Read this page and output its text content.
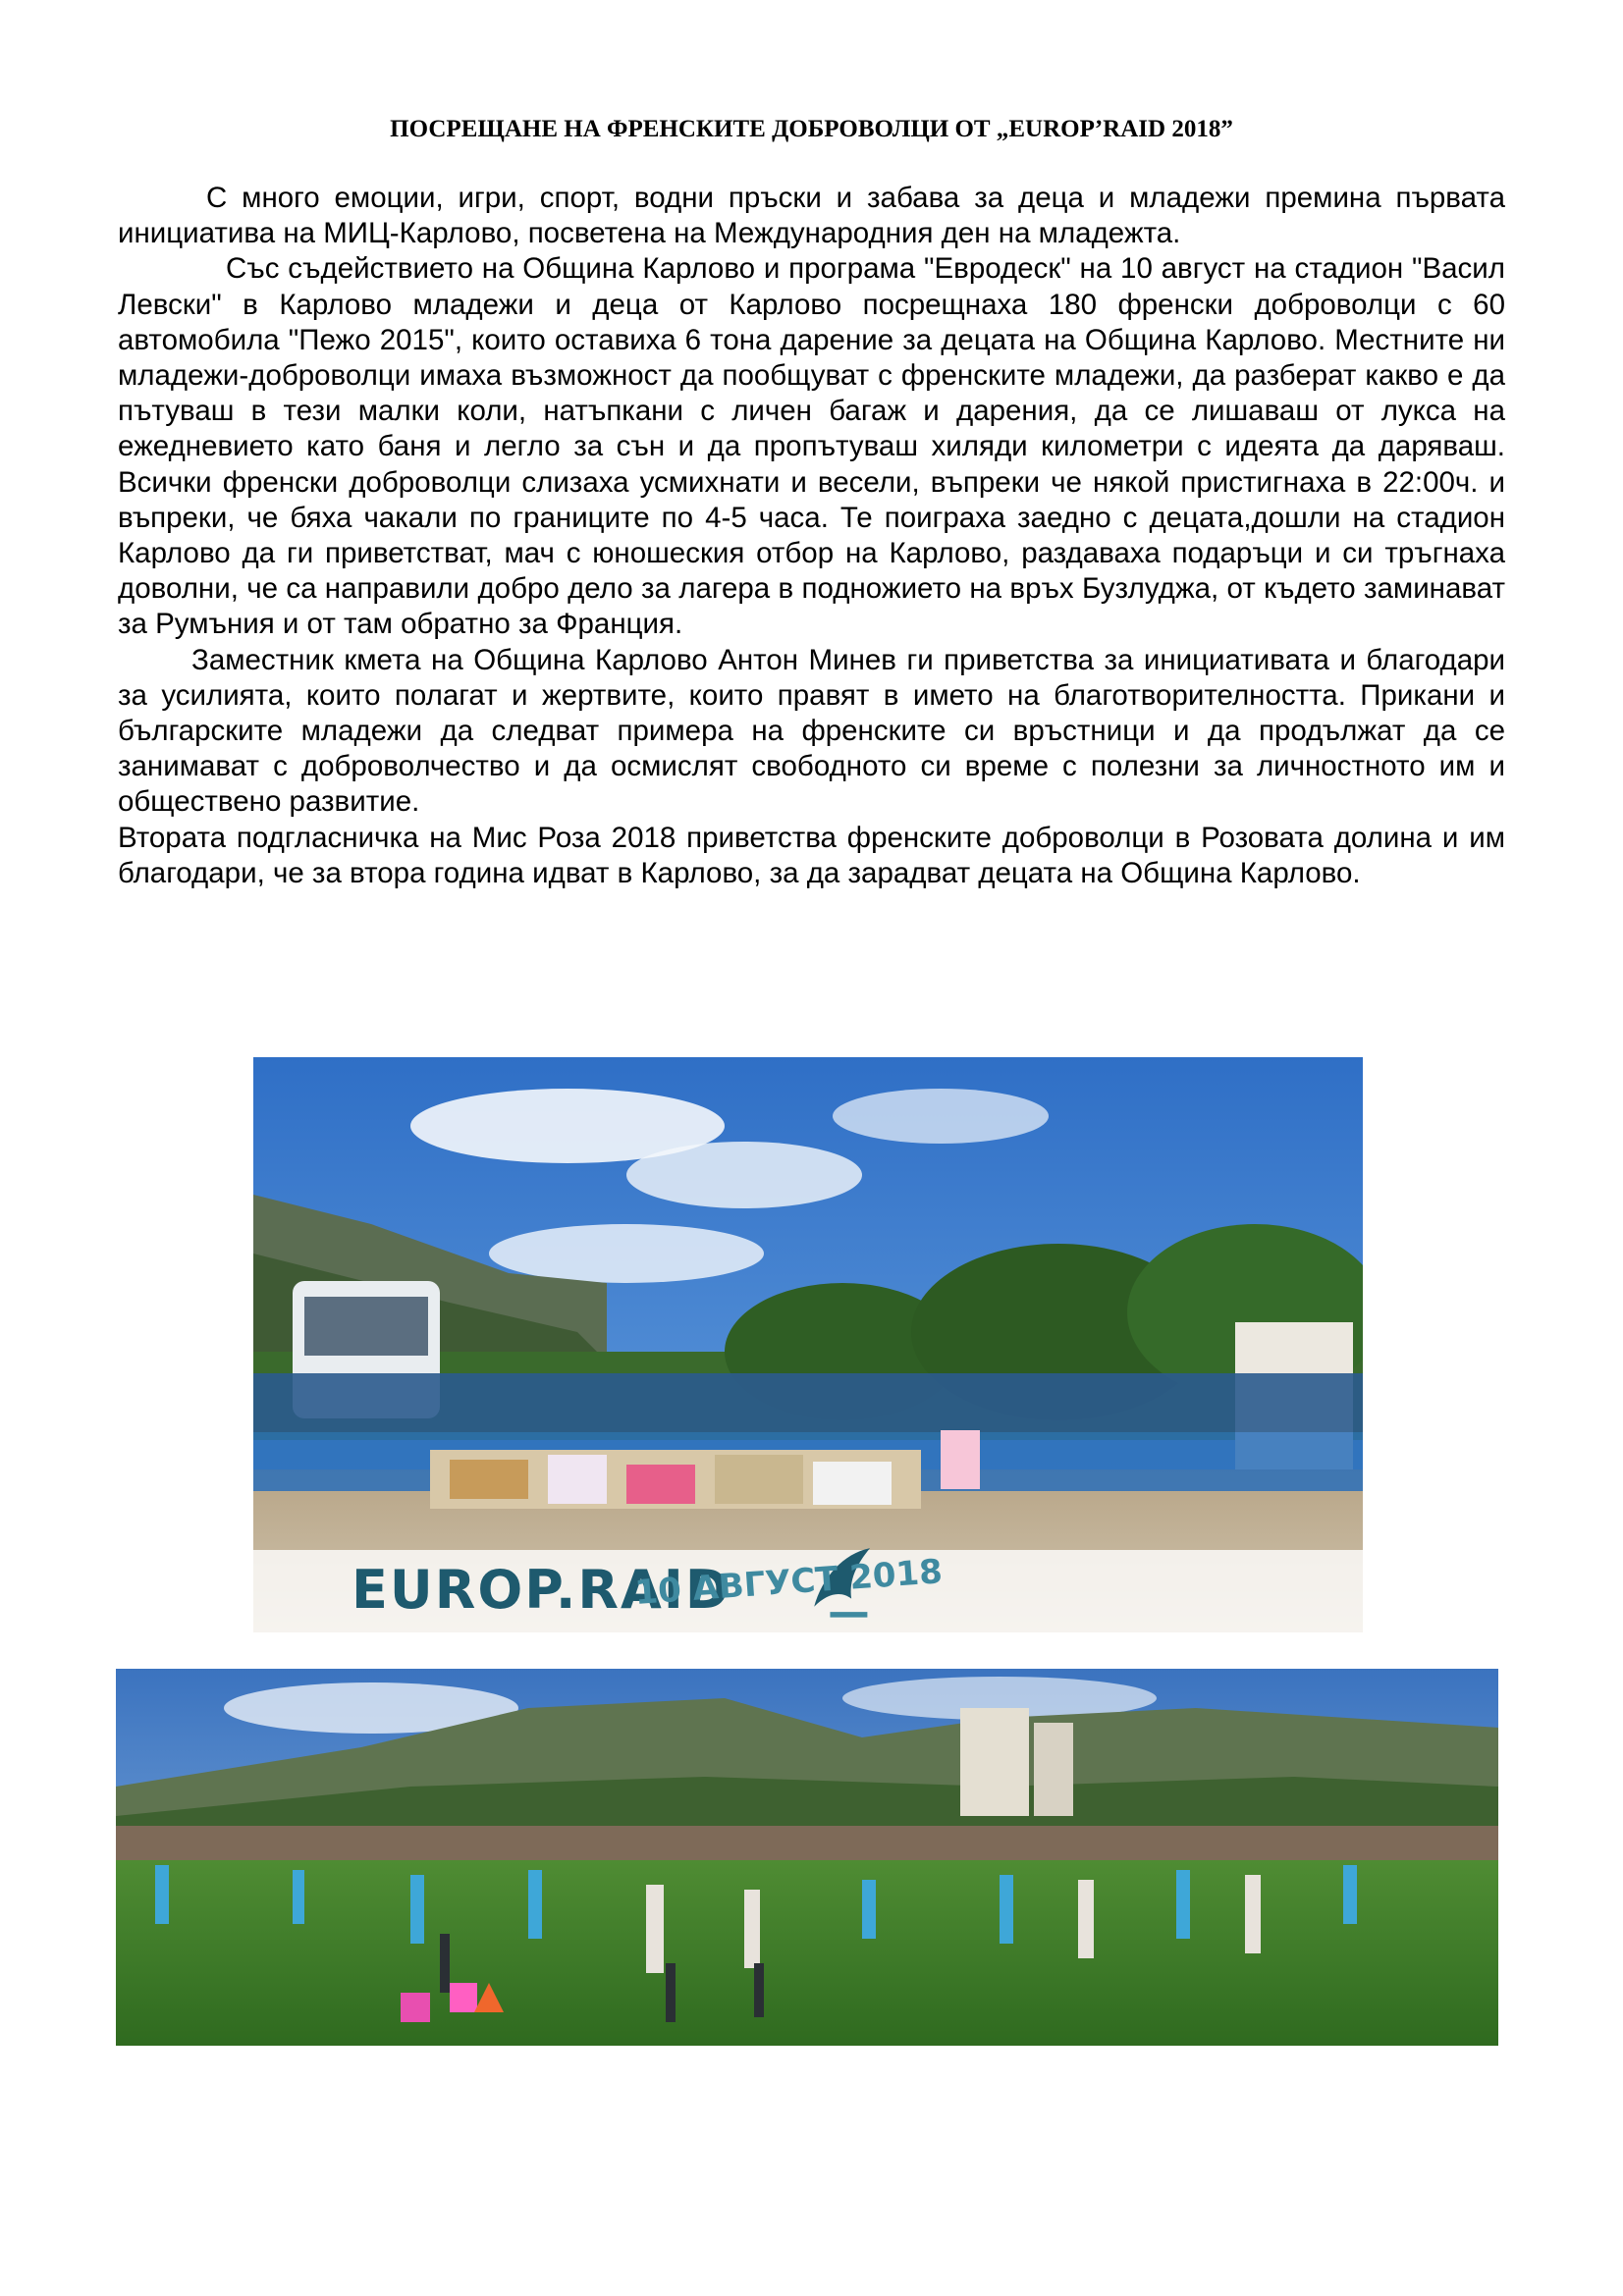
ПОСРЕЩАНЕ НА ФРЕНСКИТЕ ДОБРОВОЛЦИ ОТ „EUROP’RAID 2018”

С много емоции, игри, спорт, водни пръски и забава за деца и младежи премина първата инициатива на МИЦ-Карлово, посветена на Международния ден на младежта.

Със съдействието на Община Карлово и програма "Евродеск" на 10 август на стадион "Васил Левски" в Карлово младежи и деца от Карлово посрещнаха 180 френски доброволци с 60 автомобила "Пежо 2015", които оставиха 6 тона дарение за децата на Община Карлово. Местните ни младежи-доброволци имаха възможност да пообщуват с френските младежи, да разберат какво е да пътуваш в тези малки коли, натъпкани с личен багаж и дарения, да се лишаваш от лукса на ежедневието като баня и легло за сън и да пропътуваш хиляди километри с идеята да даряваш. Всички френски доброволци слизаха усмихнати и весели, въпреки че някой пристигнаха в 22:00ч. и въпреки, че бяха чакали по границите по 4-5 часа. Те поиграха заедно с децата,дошли на стадион Карлово да ги приветстват, мач с юношеския отбор на Карлово, раздаваха подаръци и си тръгнаха доволни, че са направили добро дело за лагера в подножието на връх Бузлуджа, от където заминават за Румъния и от там обратно за Франция.

Заместник кмета на Община Карлово Антон Минев ги приветства за инициативата и благодари за усилията, които полагат и жертвите, които правят в името на благотворителността. Прикани и българските младежи да следват примера на френските си връстници и да продължат да се занимават с доброволчество и да осмислят свободното си време с полезни за личностното им и обществено развитие.

Втората подгласничка на Мис Роза 2018 приветства френските доброволци в Розовата долина и им благодари, че за втора година идват в Карлово, за да зарадват децата на Община Карлово.

EUROP.RAID
10 АВГУСТ 2018
